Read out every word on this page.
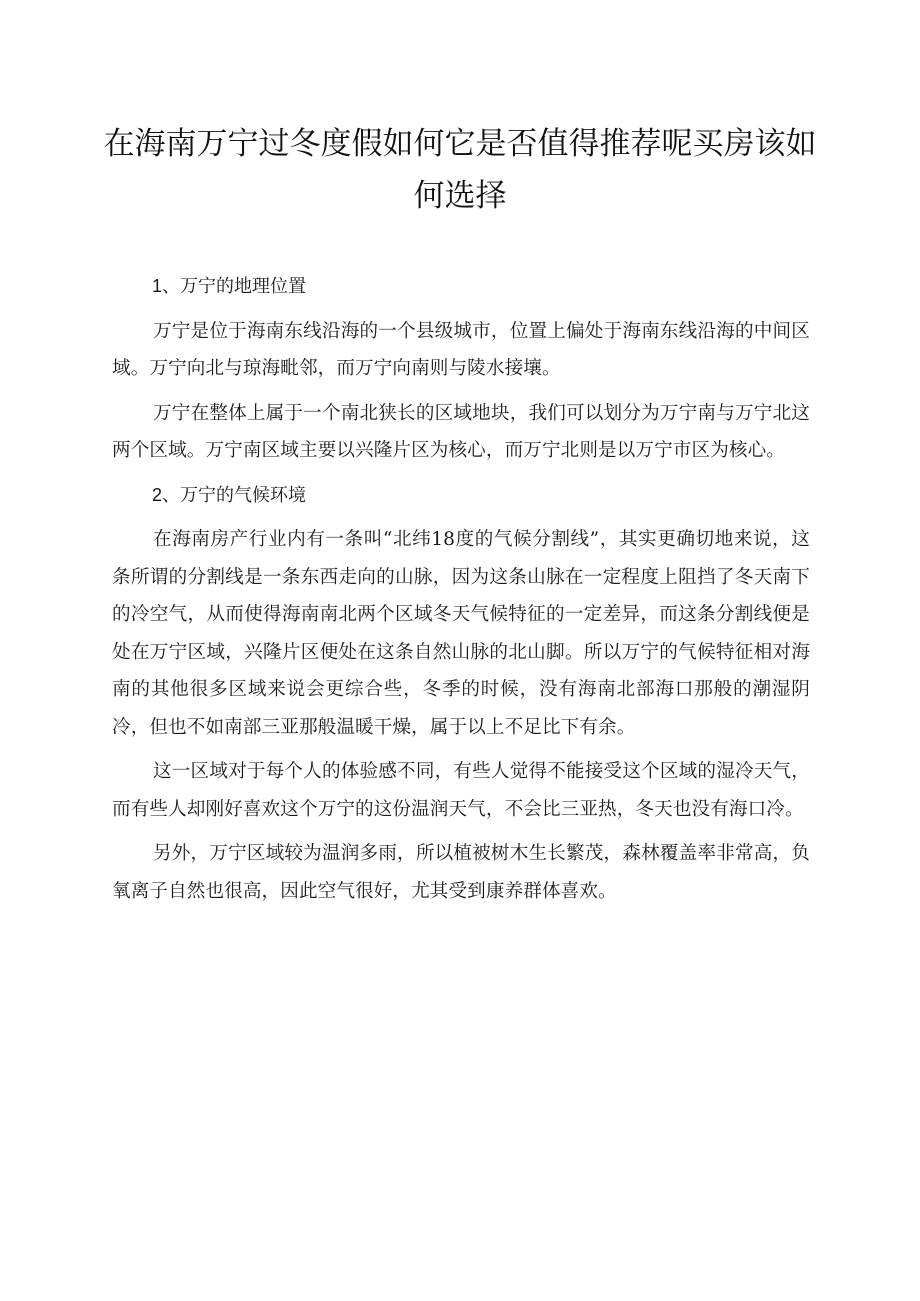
在海南万宁过冬度假如何它是否值得推荐呢买房该如何选择

1、万宁的地理位置

万宁是位于海南东线沿海的一个县级城市，位置上偏处于海南东线沿海的中间区域。万宁向北与琼海毗邻，而万宁向南则与陵水接壤。

万宁在整体上属于一个南北狭长的区域地块，我们可以划分为万宁南与万宁北这两个区域。万宁南区域主要以兴隆片区为核心，而万宁北则是以万宁市区为核心。

2、万宁的气候环境

在海南房产行业内有一条叫“北纬18度的气候分割线”，其实更确切地来说，这条所谓的分割线是一条东西走向的山脉，因为这条山脉在一定程度上阻挡了冬天南下的冷空气，从而使得海南南北两个区域冬天气候特征的一定差异，而这条分割线便是处在万宁区域，兴隆片区便处在这条自然山脉的北山脚。所以万宁的气候特征相对海南的其他很多区域来说会更综合些，冬季的时候，没有海南北部海口那般的潮湿阴冷，但也不如南部三亚那般温暖干燥，属于以上不足比下有余。

这一区域对于每个人的体验感不同，有些人觉得不能接受这个区域的湿冷天气，而有些人却刚好喜欢这个万宁的这份温润天气，不会比三亚热，冬天也没有海口冷。

另外，万宁区域较为温润多雨，所以植被树木生长繁茂，森林覆盖率非常高，负氧离子自然也很高，因此空气很好，尤其受到康养群体喜欢。
